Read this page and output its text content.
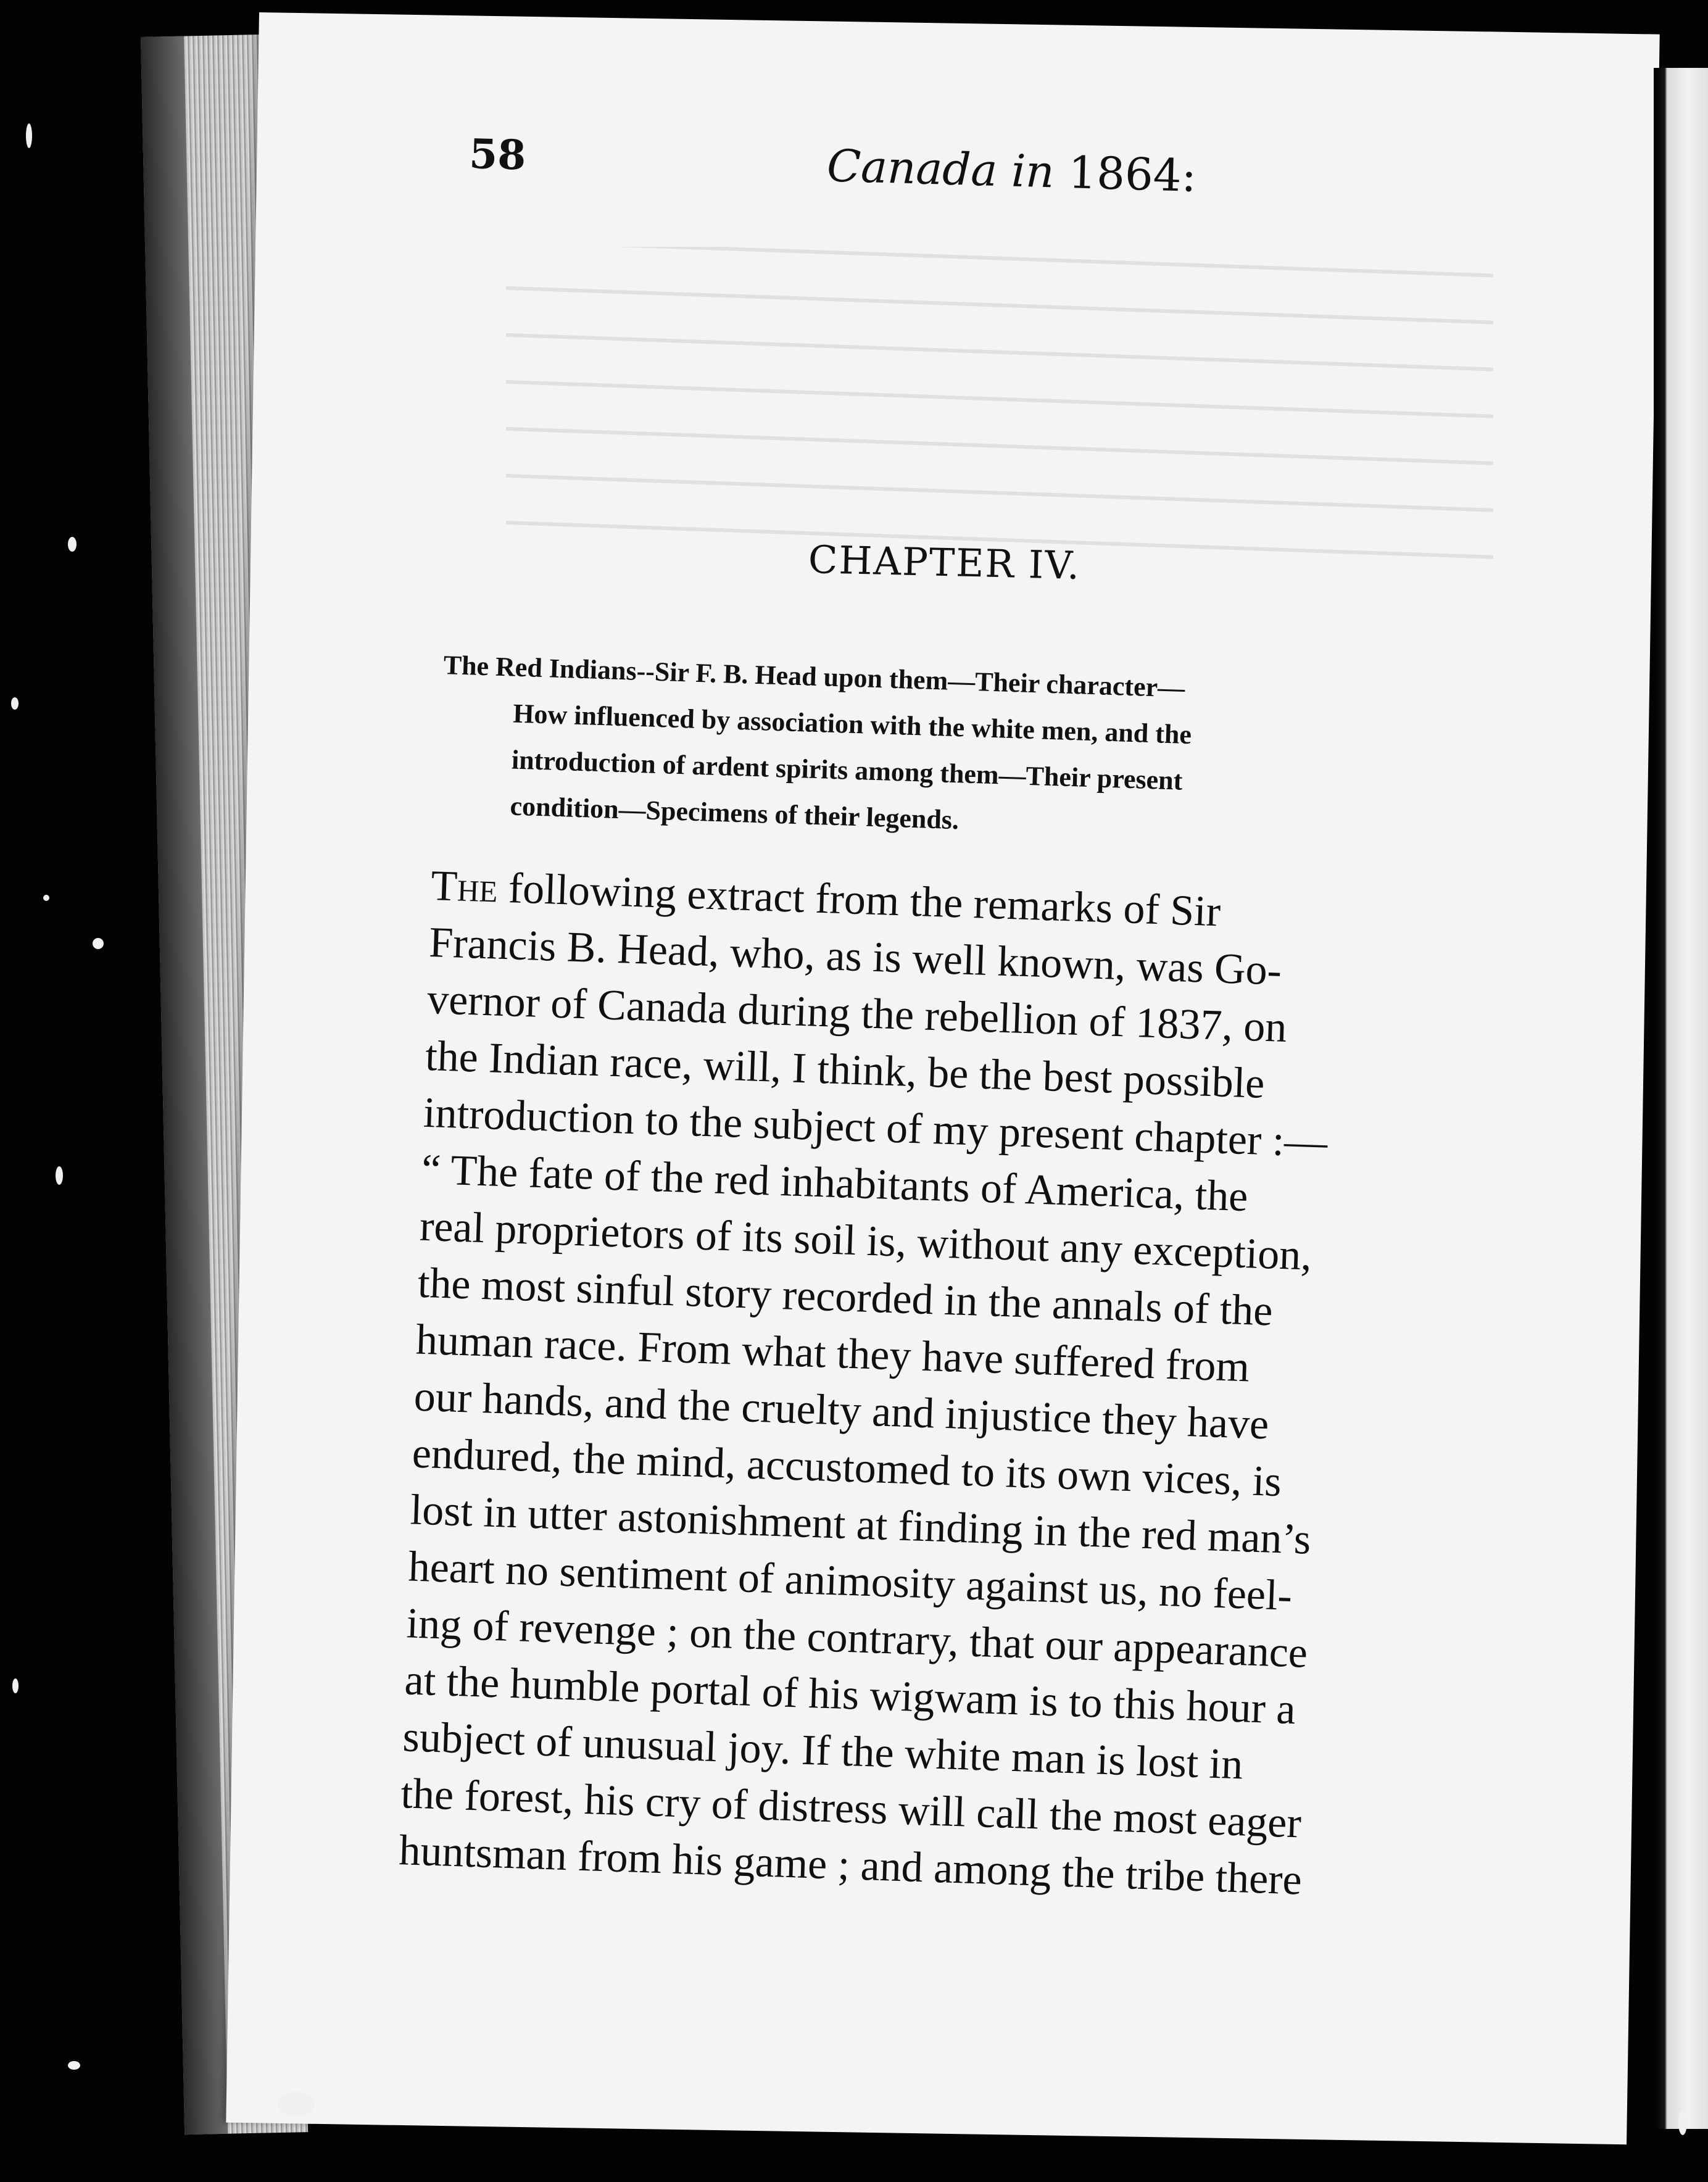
58	Canada in 1864:
CHAPTER IV.
The Red Indians--Sir F. B. Head upon them—Their character—
How influenced by association with the white men, and the
introduction of ardent spirits among them—Their present
condition—Specimens of their legends.
The following extract from the remarks of Sir
Francis B. Head, who, as is well known, was Go-
vernor of Canada during the rebellion of 1837, on
the Indian race, will, I think, be the best possible
introduction to the subject of my present chapter :—
“ The fate of the red inhabitants of America, the
real proprietors of its soil is, without any exception,
the most sinful story recorded in the annals of the
human race. From what they have suffered from
our hands, and the cruelty and injustice they have
endured, the mind, accustomed to its own vices, is
lost in utter astonishment at finding in the red man’s
heart no sentiment of animosity against us, no feel-
ing of revenge ; on the contrary, that our appearance
at the humble portal of his wigwam is to this hour a
subject of unusual joy. If the white man is lost in
the forest, his cry of distress will call the most eager
huntsman from his game ; and among the tribe there
